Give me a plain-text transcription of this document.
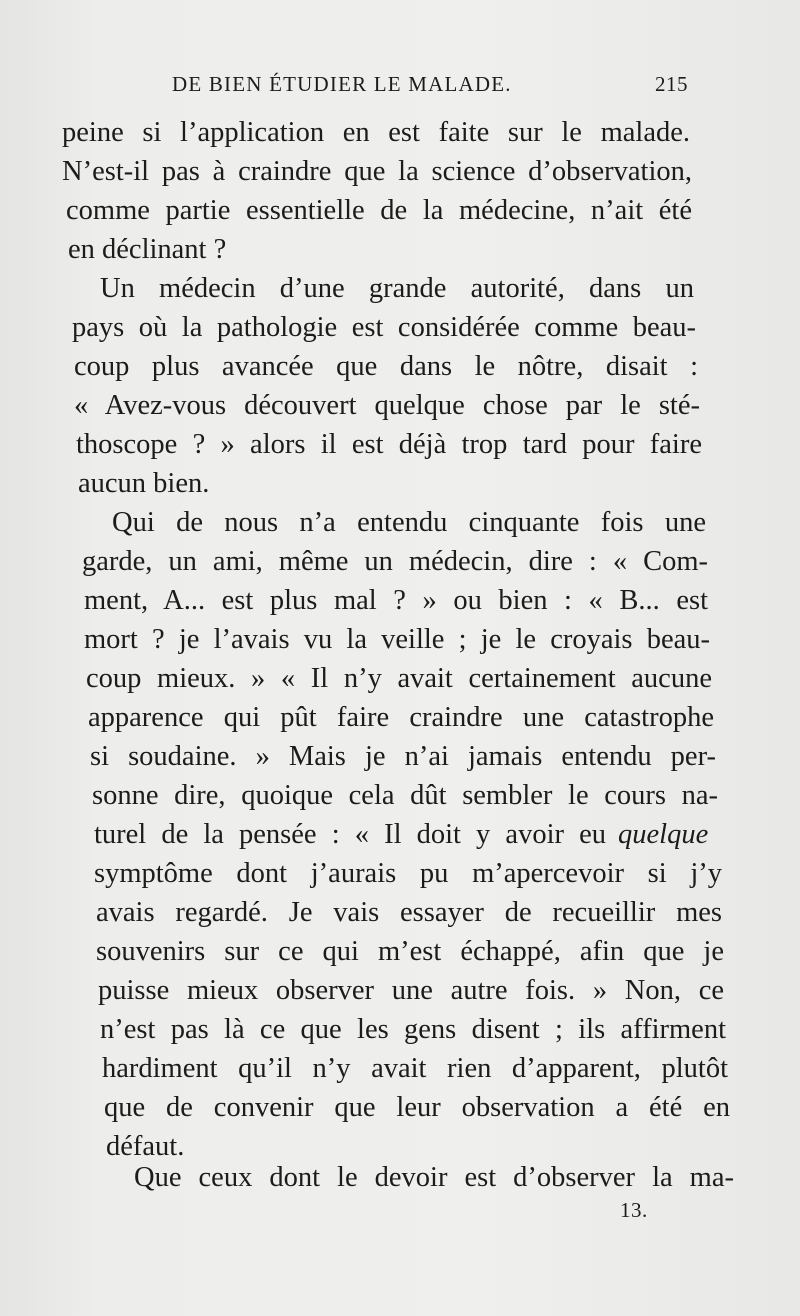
DE BIEN ÉTUDIER LE MALADE.	215
peine si l’application en est faite sur le malade.
N’est-il pas à craindre que la science d’observation,
comme partie essentielle de la médecine, n’ait été
en déclinant ?
Un médecin d’une grande autorité, dans un
pays où la pathologie est considérée comme beau-
coup plus avancée que dans le nôtre, disait :
« Avez-vous découvert quelque chose par le sté-
thoscope ? » alors il est déjà trop tard pour faire
aucun bien.
Qui de nous n’a entendu cinquante fois une
garde, un ami, même un médecin, dire : « Com-
ment, A... est plus mal ? » ou bien : « B... est
mort ? je l’avais vu la veille ; je le croyais beau-
coup mieux. » « Il n’y avait certainement aucune
apparence qui pût faire craindre une catastrophe
si soudaine. » Mais je n’ai jamais entendu per-
sonne dire, quoique cela dût sembler le cours na-
turel de la pensée : « Il doit y avoir eu quelque
symptôme dont j’aurais pu m’apercevoir si j’y
avais regardé. Je vais essayer de recueillir mes
souvenirs sur ce qui m’est échappé, afin que je
puisse mieux observer une autre fois. » Non, ce
n’est pas là ce que les gens disent ; ils affirment
hardiment qu’il n’y avait rien d’apparent, plutôt
que de convenir que leur observation a été en
défaut.
Que ceux dont le devoir est d’observer la ma-
13.
